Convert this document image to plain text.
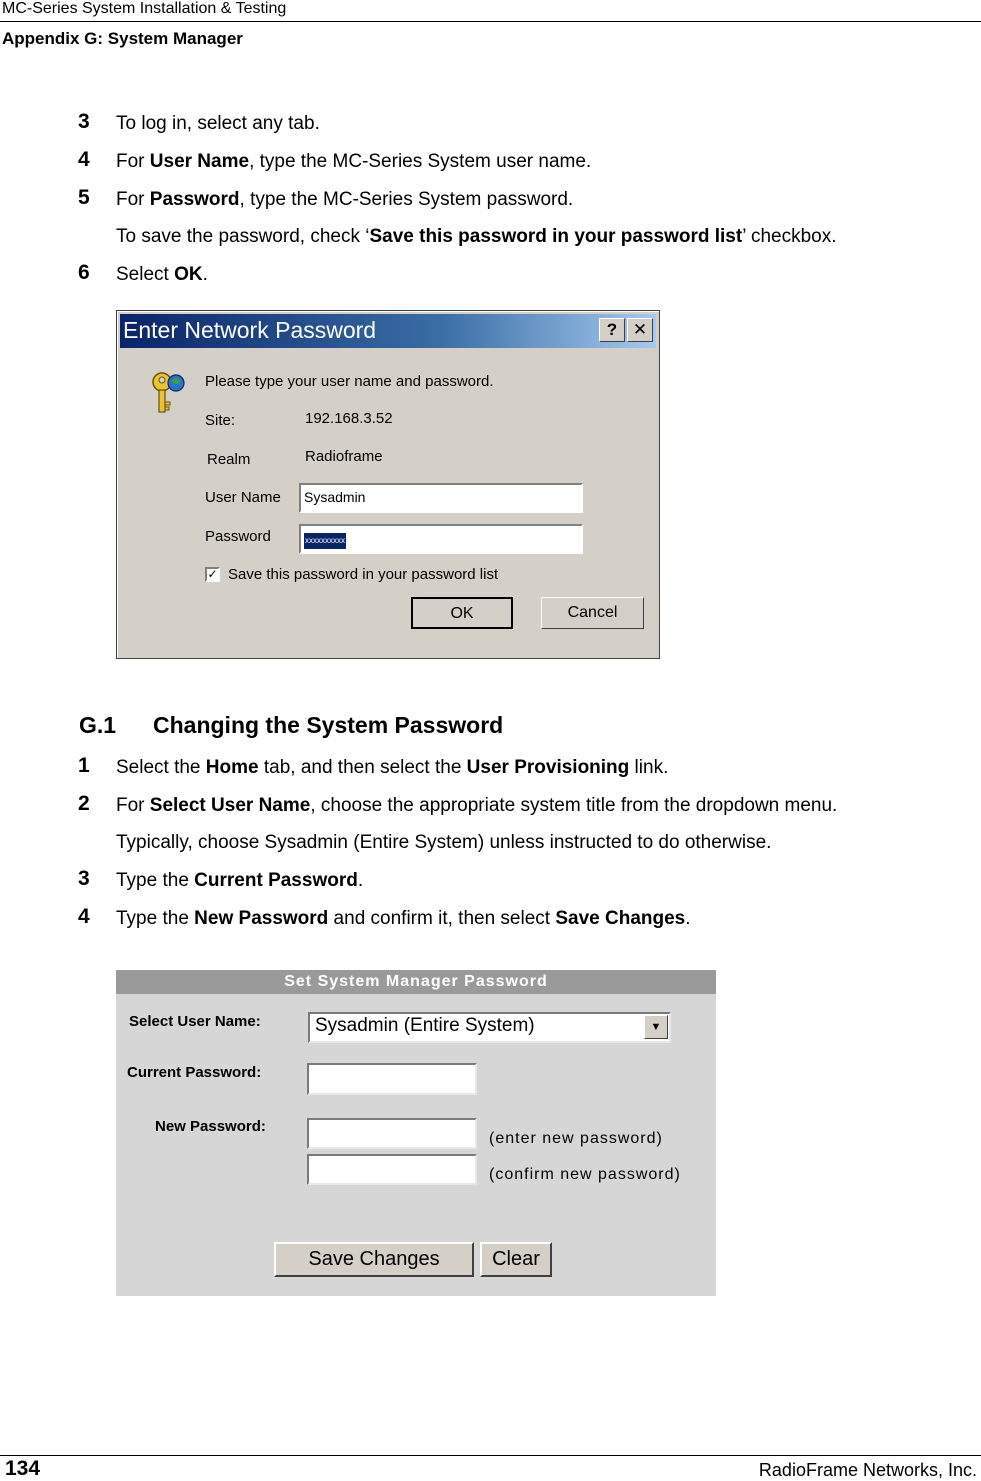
MC-Series System Installation & Testing
Appendix G: System Manager
3 To log in, select any tab.
4 For User Name, type the MC-Series System user name.
5 For Password, type the MC-Series System password.
To save the password, check ‘Save this password in your password list’ checkbox.
6 Select OK.
Enter Network Password	? ✕
Please type your user name and password.
Site:	192.168.3.52
Realm	Radioframe
User Name	Sysadmin
Password	xxxxxxxxxx
✓ Save this password in your password list
OK	Cancel
G.1 Changing the System Password
1 Select the Home tab, and then select the User Provisioning link.
2 For Select User Name, choose the appropriate system title from the dropdown menu.
Typically, choose Sysadmin (Entire System) unless instructed to do otherwise.
3 Type the Current Password.
4 Type the New Password and confirm it, then select Save Changes.
Set System Manager Password
Select User Name:	Sysadmin (Entire System)	▼
Current Password:
New Password:
(enter new password)
(confirm new password)
Save Changes	Clear
134	RadioFrame Networks, Inc.
